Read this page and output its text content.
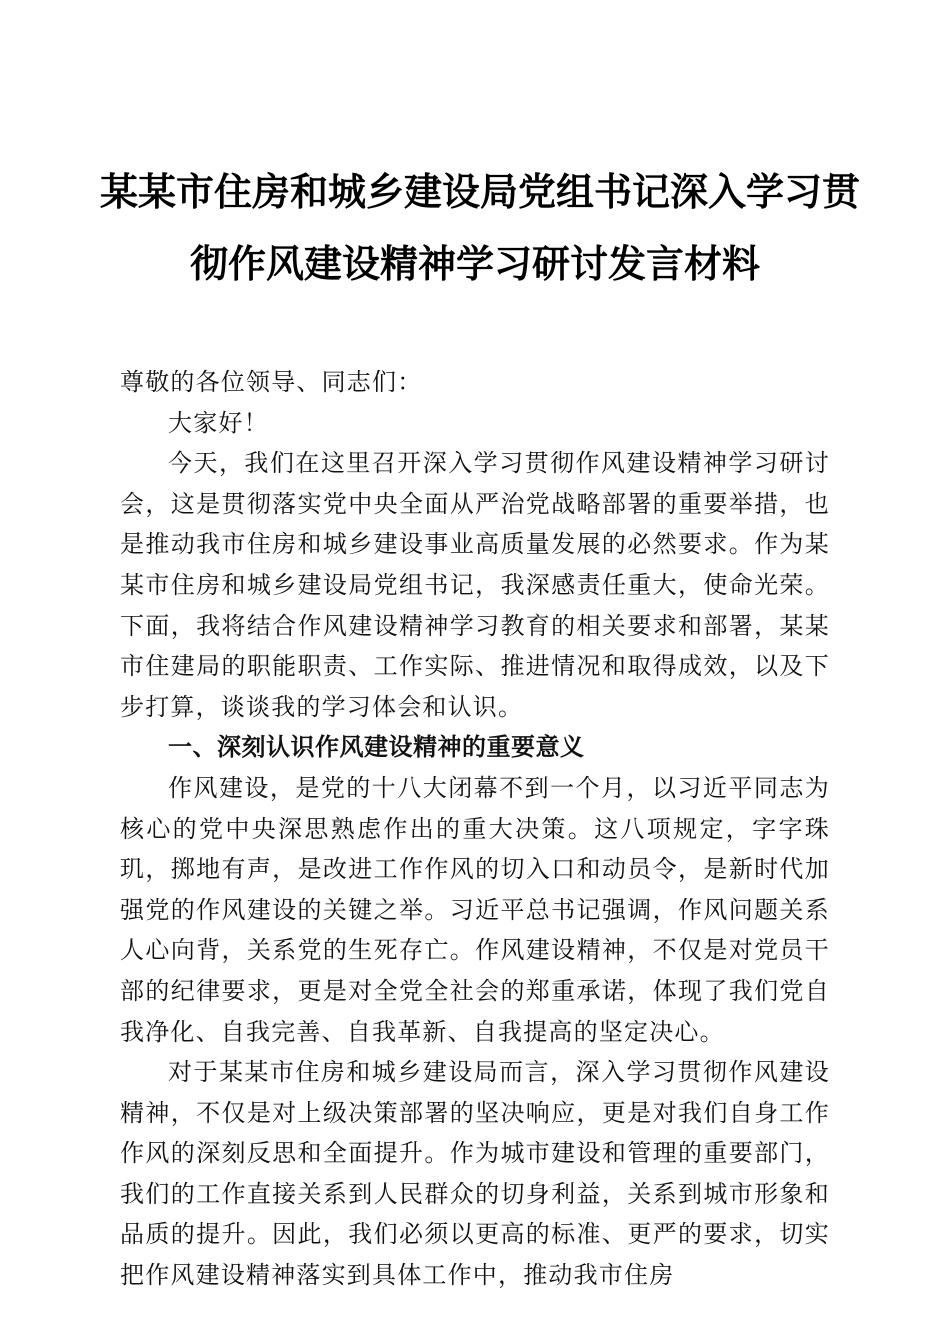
某某市住房和城乡建设局党组书记深入学习贯
彻作风建设精神学习研讨发言材料

尊敬的各位领导、同志们：

大家好！

今天，我们在这里召开深入学习贯彻作风建设精神学习研讨会，这是贯彻落实党中央全面从严治党战略部署的重要举措，也是推动我市住房和城乡建设事业高质量发展的必然要求。作为某某市住房和城乡建设局党组书记，我深感责任重大，使命光荣。下面，我将结合作风建设精神学习教育的相关要求和部署，某某市住建局的职能职责、工作实际、推进情况和取得成效，以及下步打算，谈谈我的学习体会和认识。

一、深刻认识作风建设精神的重要意义

作风建设，是党的十八大闭幕不到一个月，以习近平同志为核心的党中央深思熟虑作出的重大决策。这八项规定，字字珠玑，掷地有声，是改进工作作风的切入口和动员令，是新时代加强党的作风建设的关键之举。习近平总书记强调，作风问题关系人心向背，关系党的生死存亡。作风建设精神，不仅是对党员干部的纪律要求，更是对全党全社会的郑重承诺，体现了我们党自我净化、自我完善、自我革新、自我提高的坚定决心。

对于某某市住房和城乡建设局而言，深入学习贯彻作风建设精神，不仅是对上级决策部署的坚决响应，更是对我们自身工作作风的深刻反思和全面提升。作为城市建设和管理的重要部门，我们的工作直接关系到人民群众的切身利益，关系到城市形象和品质的提升。因此，我们必须以更高的标准、更严的要求，切实把作风建设精神落实到具体工作中，推动我市住房
